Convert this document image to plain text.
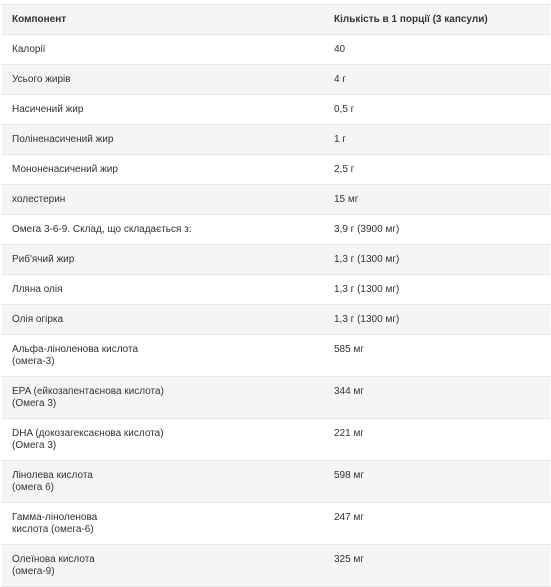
Компонент	Кількість в 1 порції (3 капсули)

Калорії	40

Усього жирів	4 г

Насичений жир	0,5 г

Поліненасичений жир	1 г

Мононенасичений жир	2,5 г

холестерин	15 мг

Омега 3-6-9. Склад, що складається з:	3,9 г (3900 мг)

Риб'ячий жир	1,3 г (1300 мг)

Лляна олія	1,3 г (1300 мг)

Олія огірка	1,3 г (1300 мг)

Альфа-ліноленова кислота
(омега-3)	585 мг

EPA (ейкозапентаєнова кислота)
(Омега 3)	344 мг

DHA (докозагексаєнова кислота)
(Омега 3)	221 мг

Лінолева кислота
(омега 6)	598 мг

Гамма-ліноленова
кислота (омега-6)	247 мг

Олеїнова кислота
(омега-9)	325 мг
